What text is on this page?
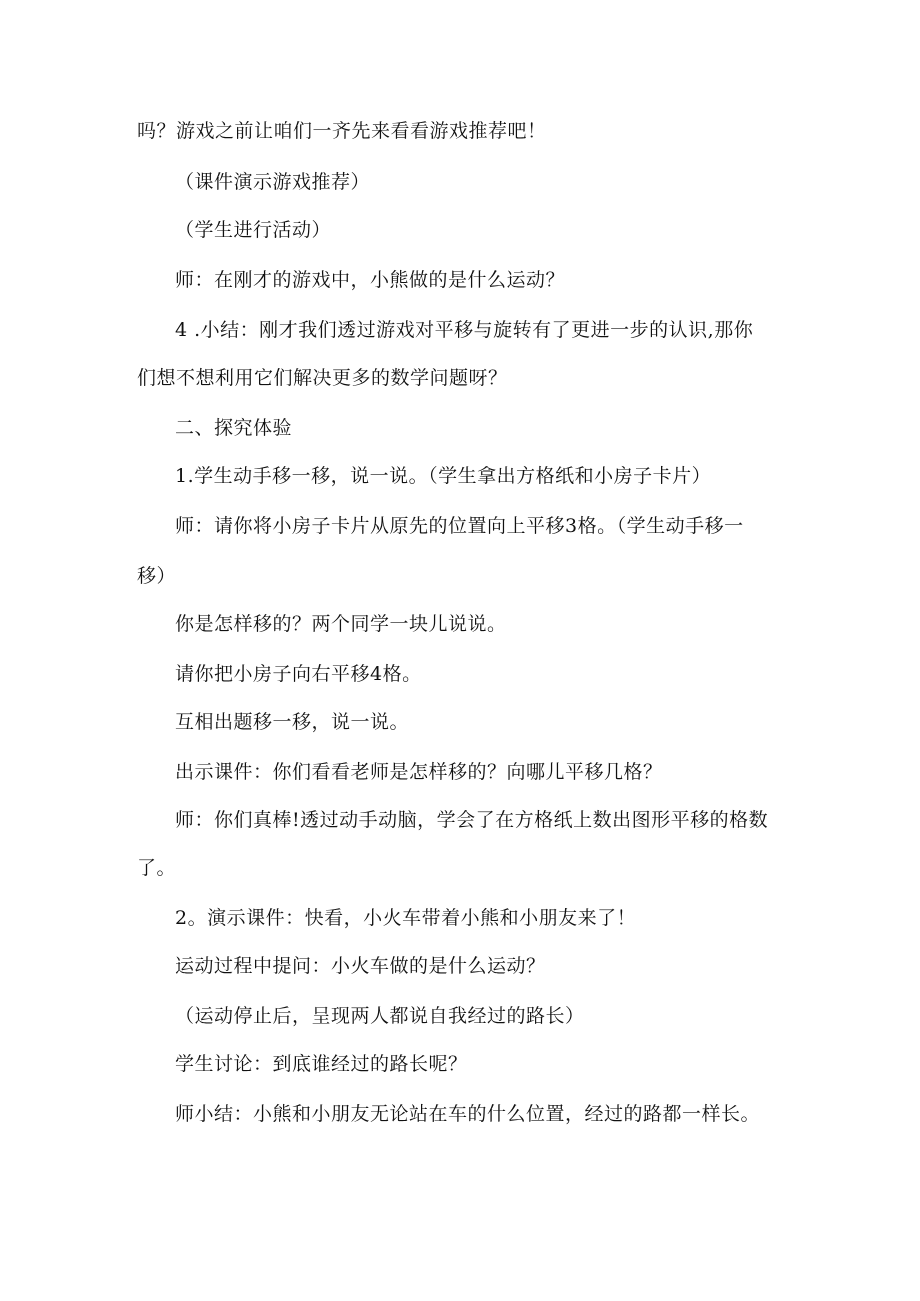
吗？游戏之前让咱们一齐先来看看游戏推荐吧！
（课件演示游戏推荐）
（学生进行活动）
师：在刚才的游戏中，小熊做的是什么运动？
4 .小结：刚才我们透过游戏对平移与旋转有了更进一步的认识,那你
们想不想利用它们解决更多的数学问题呀？
二、探究体验
1.学生动手移一移，说一说。（学生拿出方格纸和小房子卡片）
师：请你将小房子卡片从原先的位置向上平移3格。（学生动手移一
移）
你是怎样移的？两个同学一块儿说说。
请你把小房子向右平移4格。
互相出题移一移，说一说。
出示课件：你们看看老师是怎样移的？向哪儿平移几格？
师：你们真棒!透过动手动脑，学会了在方格纸上数出图形平移的格数
了。
2。演示课件：快看，小火车带着小熊和小朋友来了！
运动过程中提问：小火车做的是什么运动？
（运动停止后，呈现两人都说自我经过的路长）
学生讨论：到底谁经过的路长呢？
师小结：小熊和小朋友无论站在车的什么位置，经过的路都一样长。
